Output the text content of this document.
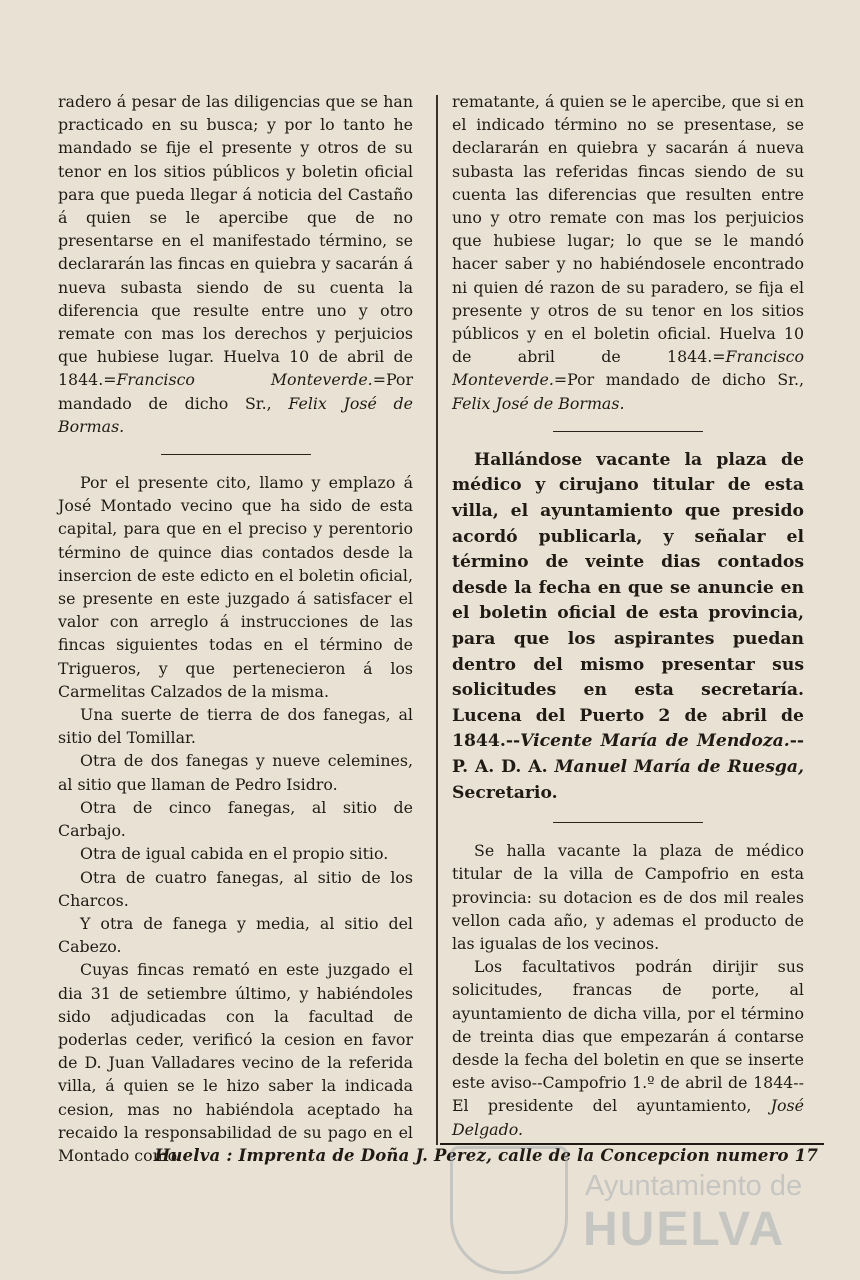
radero á pesar de las diligencias que se han practicado en su busca; y por lo tanto he mandado se fije el presente y otros de su tenor en los sitios públicos y boletin oficial para que pueda llegar á noticia del Castaño á quien se le apercibe que de no presentarse en el manifestado término, se declararán las fincas en quiebra y sacarán á nueva subasta siendo de su cuenta la diferencia que resulte entre uno y otro remate con mas los derechos y perjuicios que hubiese lugar. Huelva 10 de abril de 1844.=Francisco Monteverde.=Por mandado de dicho Sr., Felix José de Bormas.

Por el presente cito, llamo y emplazo á José Montado vecino que ha sido de esta capital, para que en el preciso y perentorio término de quince dias contados desde la insercion de este edicto en el boletin oficial, se presente en este juzgado á satisfacer el valor con arreglo á instrucciones de las fincas siguientes todas en el término de Trigueros, y que pertenecieron á los Carmelitas Calzados de la misma.

Una suerte de tierra de dos fanegas, al sitio del Tomillar.

Otra de dos fanegas y nueve celemines, al sitio que llaman de Pedro Isidro.

Otra de cinco fanegas, al sitio de Carbajo.

Otra de igual cabida en el propio sitio.

Otra de cuatro fanegas, al sitio de los Charcos.

Y otra de fanega y media, al sitio del Cabezo.

Cuyas fincas remató en este juzgado el dia 31 de setiembre último, y habiéndoles sido adjudicadas con la facultad de poderlas ceder, verificó la cesion en favor de D. Juan Valladares vecino de la referida villa, á quien se le hizo saber la indicada cesion, mas no habiéndola aceptado ha recaido la responsabilidad de su pago en el Montado como

rematante, á quien se le apercibe, que si en el indicado término no se presentase, se declararán en quiebra y sacarán á nueva subasta las referidas fincas siendo de su cuenta las diferencias que resulten entre uno y otro remate con mas los perjuicios que hubiese lugar; lo que se le mandó hacer saber y no habiéndosele encontrado ni quien dé razon de su paradero, se fija el presente y otros de su tenor en los sitios públicos y en el boletin oficial. Huelva 10 de abril de 1844.=Francisco Monteverde.=Por mandado de dicho Sr., Felix José de Bormas.

Hallándose vacante la plaza de médico y cirujano titular de esta villa, el ayuntamiento que presido acordó publicarla, y señalar el término de veinte dias contados desde la fecha en que se anuncie en el boletin oficial de esta provincia, para que los aspirantes puedan dentro del mismo presentar sus solicitudes en esta secretaría. Lucena del Puerto 2 de abril de 1844.--Vicente María de Mendoza.--P. A. D. A. Manuel María de Ruesga, Secretario.

Se halla vacante la plaza de médico titular de la villa de Campofrio en esta provincia: su dotacion es de dos mil reales vellon cada año, y ademas el producto de las igualas de los vecinos.

Los facultativos podrán dirijir sus solicitudes, francas de porte, al ayuntamiento de dicha villa, por el término de treinta dias que empezarán á contarse desde la fecha del boletin en que se inserte este aviso--Campofrio 1.º de abril de 1844--El presidente del ayuntamiento, José Delgado.

Huelva : Imprenta de Doña J. Perez, calle de la Concepcion numero 17
Ayuntamiento de
HUELVA
